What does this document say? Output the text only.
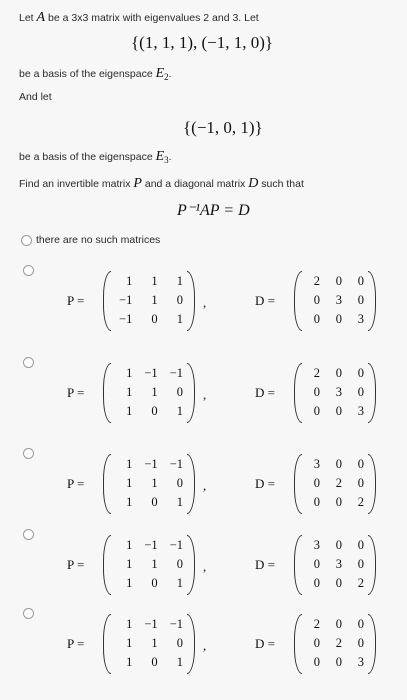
Let A be a 3x3 matrix with eigenvalues 2 and 3. Let
{(1, 1, 1), (−1, 1, 0)}
be a basis of the eigenspace $E_2$.
And let
{(−1, 0, 1)}
be a basis of the eigenspace $E_3$.
Find an invertible matrix P and a diagonal matrix D such that
P⁻¹AP = D
there are no such matrices
P =
1	1	1
−1	1	0
−1	0	1
,	D =
2	0	0
0	3	0
0	0	3
P =
1 −1 −1
1	1	0
1	0	1
,	D =
2	0	0
0	3	0
0	0	3
P =
1 −1 −1
1	1	0
1	0	1
,	D =
3	0	0
0	2	0
0	0	2
P =
1 −1 −1
1	1	0
1	0	1
,	D =
3	0	0
0	3	0
0	0	2
P =
1 −1 −1
1	1	0
1	0	1
,	D =
2	0	0
0	2	0
0	0	3
